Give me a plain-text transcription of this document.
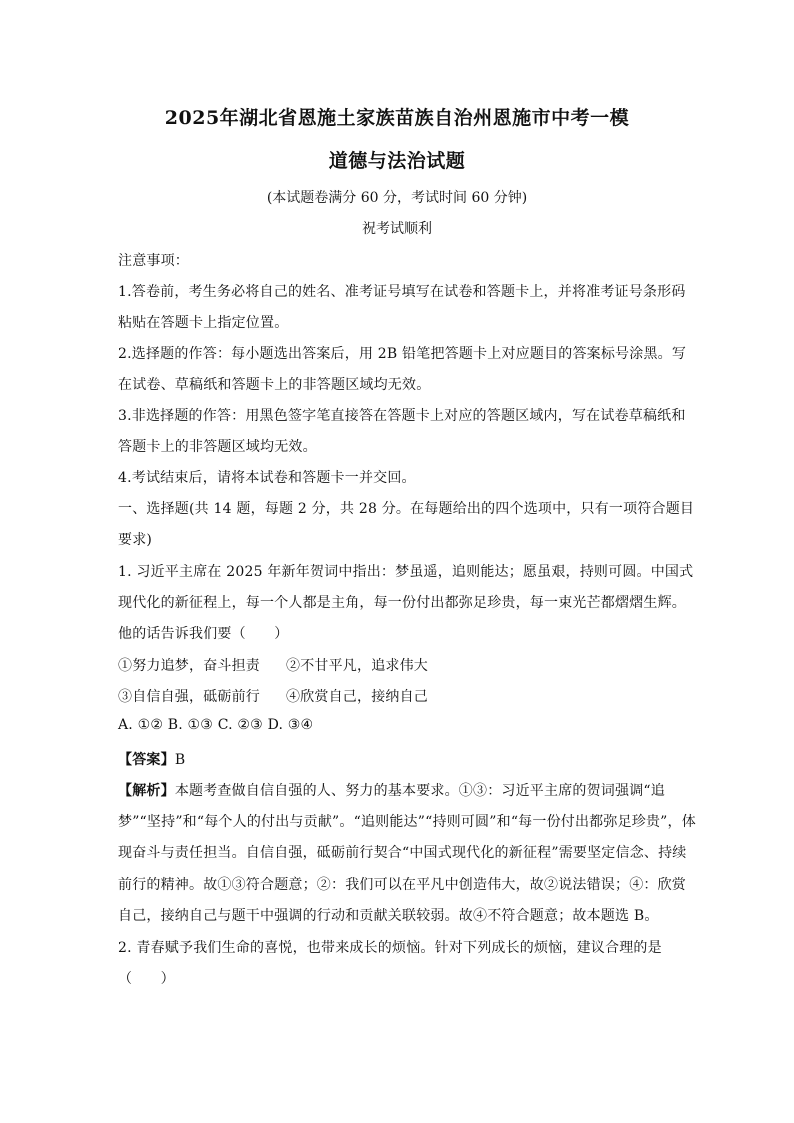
2025年湖北省恩施土家族苗族自治州恩施市中考一模
道德与法治试题
(本试题卷满分 60 分，考试时间 60 分钟)
祝考试顺利
注意事项：
1.答卷前，考生务必将自己的姓名、准考证号填写在试卷和答题卡上，并将准考证号条形码
粘贴在答题卡上指定位置。
2.选择题的作答：每小题选出答案后，用 2B 铅笔把答题卡上对应题目的答案标号涂黑。写
在试卷、草稿纸和答题卡上的非答题区域均无效。
3.非选择题的作答：用黑色签字笔直接答在答题卡上对应的答题区域内，写在试卷草稿纸和
答题卡上的非答题区域均无效。
4.考试结束后，请将本试卷和答题卡一并交回。
一、选择题(共 14 题，每题 2 分，共 28 分。在每题给出的四个选项中，只有一项符合题目
要求)
1. 习近平主席在 2025 年新年贺词中指出：梦虽遥，追则能达；愿虽艰，持则可圆。中国式
现代化的新征程上，每一个人都是主角，每一份付出都弥足珍贵，每一束光芒都熠熠生辉。
他的话告诉我们要（　　）
①努力追梦，奋斗担责 ②不甘平凡，追求伟大
③自信自强，砥砺前行 ④欣赏自己，接纳自己
A. ①② B. ①③ C. ②③ D. ③④
【答案】B
【解析】本题考查做自信自强的人、努力的基本要求。①③：习近平主席的贺词强调“追
梦”“坚持”和“每个人的付出与贡献”。“追则能达”“持则可圆”和“每一份付出都弥足珍贵”，体
现奋斗与责任担当。自信自强，砥砺前行契合“中国式现代化的新征程”需要坚定信念、持续
前行的精神。故①③符合题意；②：我们可以在平凡中创造伟大，故②说法错误；④：欣赏
自己，接纳自己与题干中强调的行动和贡献关联较弱。故④不符合题意；故本题选 B。
2. 青春赋予我们生命的喜悦，也带来成长的烦恼。针对下列成长的烦恼，建议合理的是
（　　）
